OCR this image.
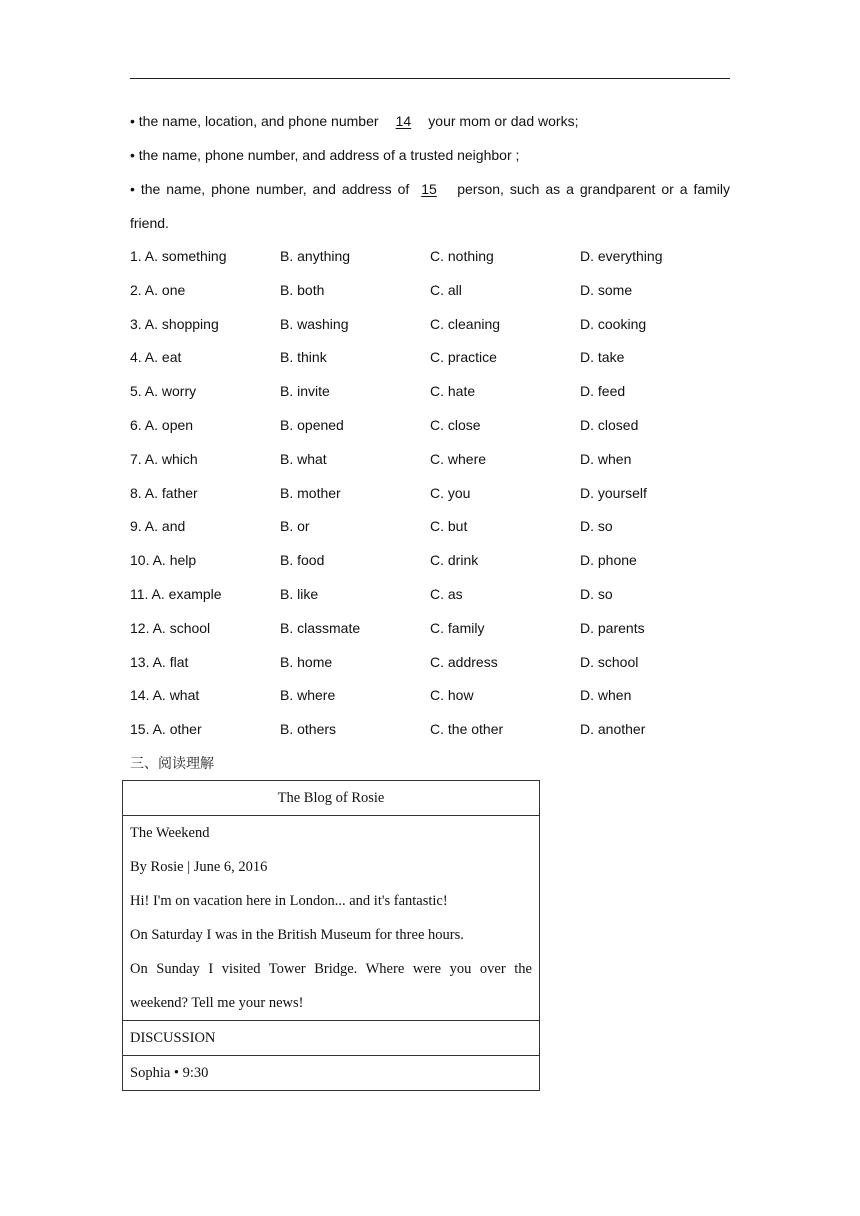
• the name, location, and phone number 14 your mom or dad works;
• the name, phone number, and address of a trusted neighbor ;
• the name, phone number, and address of 15 person, such as a grandparent or a family
friend.
1. A. something	B. anything	C. nothing	D. everything
2. A. one	B. both	C. all	D. some
3. A. shopping	B. washing	C. cleaning	D. cooking
4. A. eat	B. think	C. practice	D. take
5. A. worry	B. invite	C. hate	D. feed
6. A. open	B. opened	C. close	D. closed
7. A. which	B. what	C. where	D. when
8. A. father	B. mother	C. you	D. yourself
9. A. and	B. or	C. but	D. so
10. A. help	B. food	C. drink	D. phone
11. A. example	B. like	C. as	D. so
12. A. school	B. classmate	C. family	D. parents
13. A. flat	B. home	C. address	D. school
14. A. what	B. where	C. how	D. when
15. A. other	B. others	C. the other	D. another
三、阅读理解
The Blog of Rosie
The Weekend
By Rosie | June 6, 2016
Hi! I'm on vacation here in London... and it's fantastic!
On Saturday I was in the British Museum for three hours.
On Sunday I visited Tower Bridge. Where were you over the
weekend? Tell me your news!
DISCUSSION
Sophia • 9:30
